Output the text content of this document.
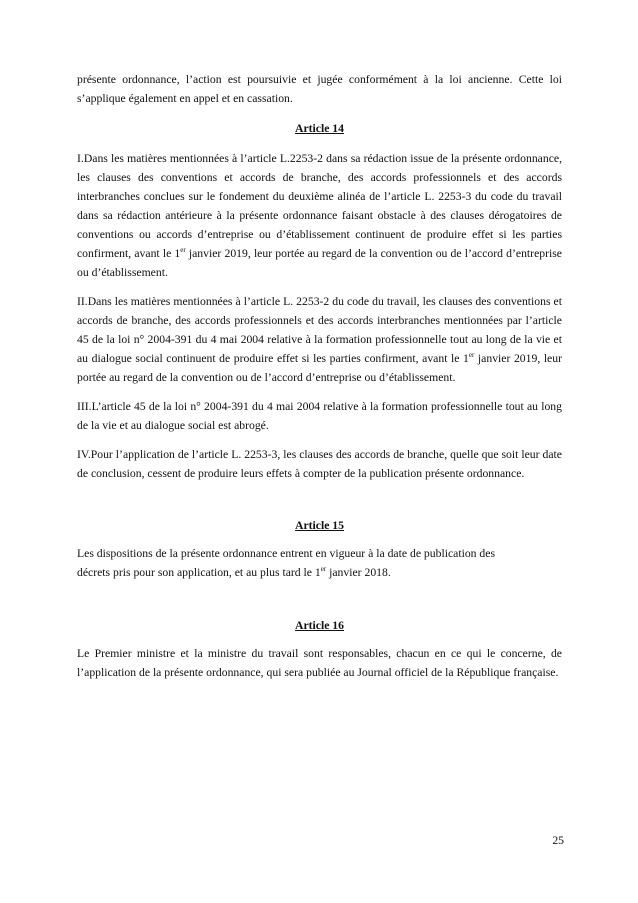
présente ordonnance, l’action est poursuivie et jugée conformément à la loi ancienne. Cette loi s’applique également en appel et en cassation.

Article 14

I.Dans les matières mentionnées à l’article L.2253-2 dans sa rédaction issue de la présente ordonnance, les clauses des conventions et accords de branche, des accords professionnels et des accords interbranches conclues sur le fondement du deuxième alinéa de l’article L. 2253-3 du code du travail dans sa rédaction antérieure à la présente ordonnance faisant obstacle à des clauses dérogatoires de conventions ou accords d’entreprise ou d’établissement continuent de produire effet si les parties confirment, avant le 1er janvier 2019, leur portée au regard de la convention ou de l’accord d’entreprise ou d’établissement.

II.Dans les matières mentionnées à l’article L. 2253-2 du code du travail, les clauses des conventions et accords de branche, des accords professionnels et des accords interbranches mentionnées par l’article 45 de la loi n° 2004-391 du 4 mai 2004 relative à la formation professionnelle tout au long de la vie et au dialogue social continuent de produire effet si les parties confirment, avant le 1er janvier 2019, leur portée au regard de la convention ou de l’accord d’entreprise ou d’établissement.

III.L’article 45 de la loi n° 2004-391 du 4 mai 2004 relative à la formation professionnelle tout au long de la vie et au dialogue social est abrogé.

IV.Pour l’application de l’article L. 2253-3, les clauses des accords de branche, quelle que soit leur date de conclusion, cessent de produire leurs effets à compter de la publication présente ordonnance.

Article 15

Les dispositions de la présente ordonnance entrent en vigueur à la date de publication des

décrets pris pour son application, et au plus tard le 1er janvier 2018.

Article 16

Le Premier ministre et la ministre du travail sont responsables, chacun en ce qui le concerne, de l’application de la présente ordonnance, qui sera publiée au Journal officiel de la République française.

25
